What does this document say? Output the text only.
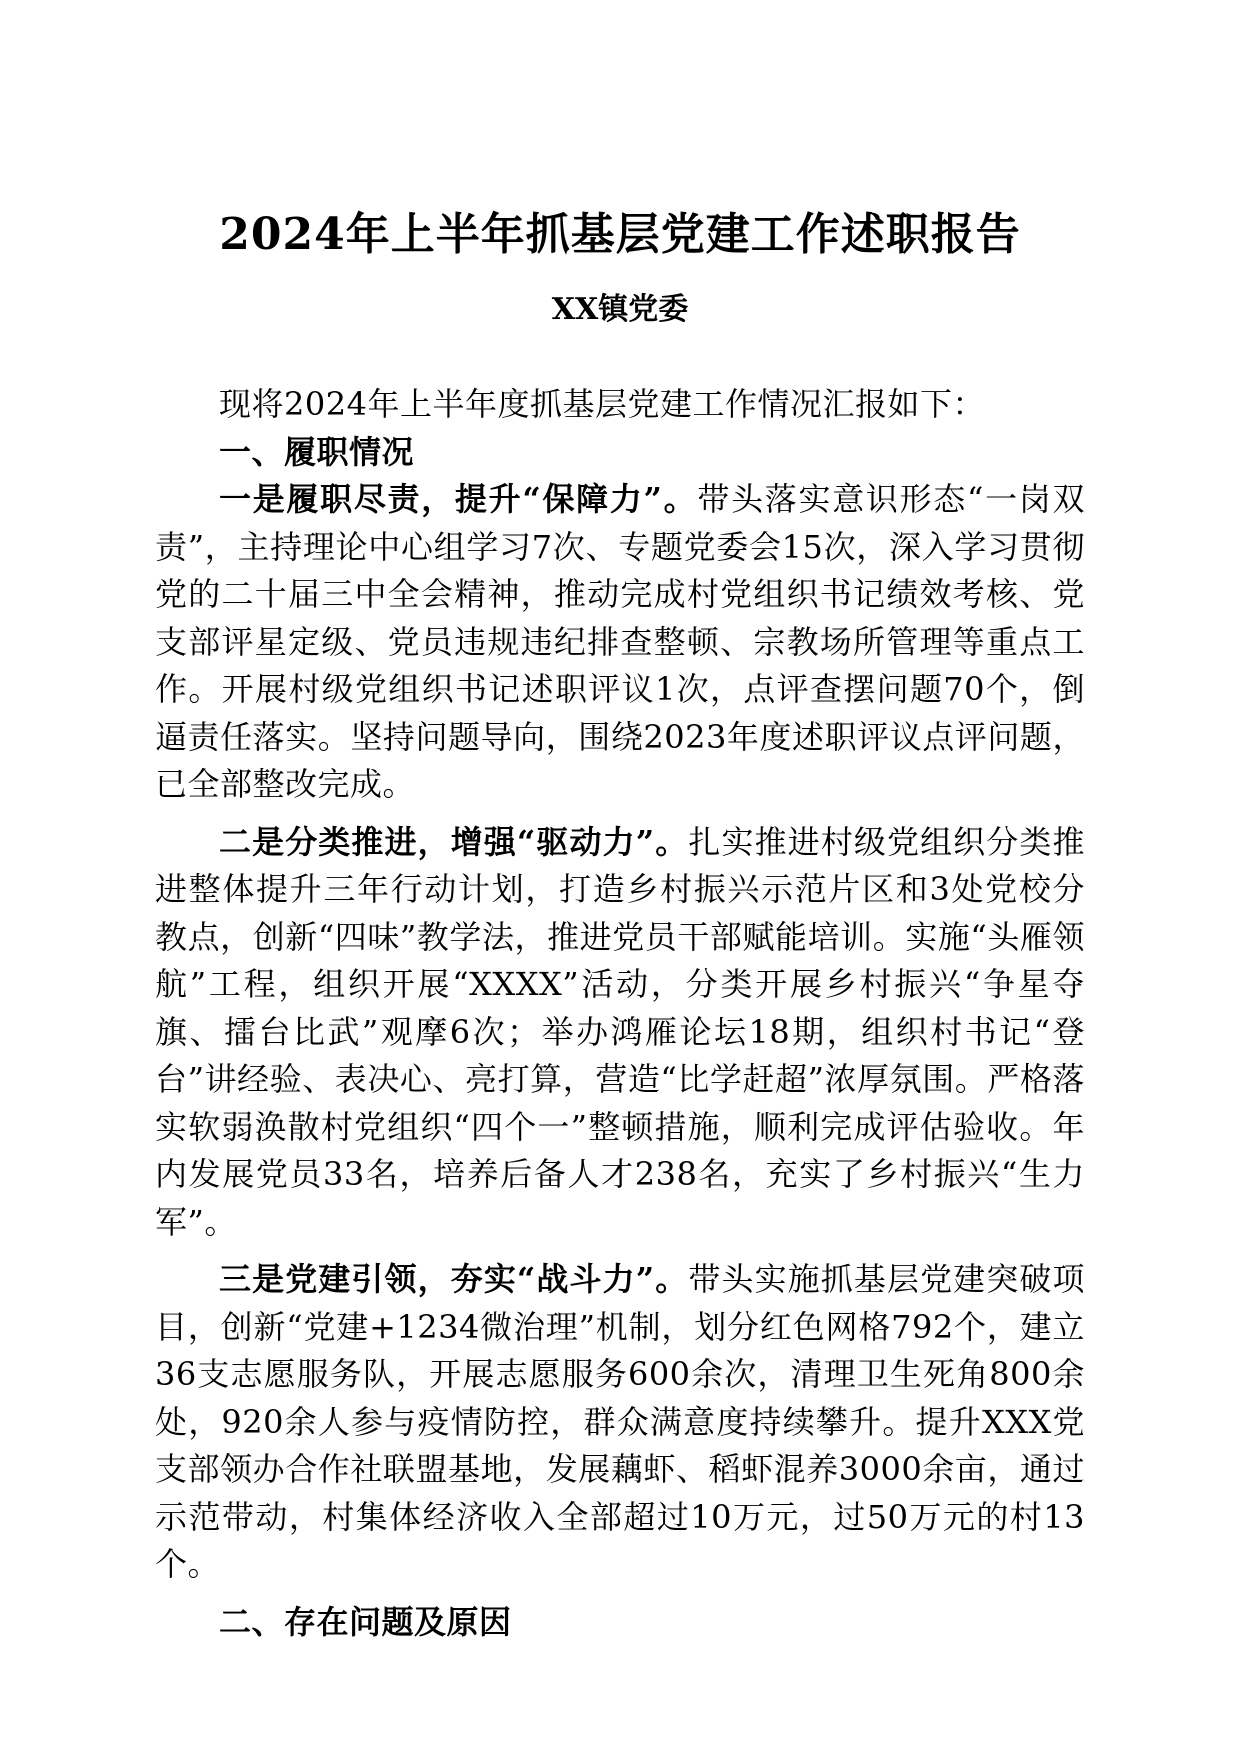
2024年上半年抓基层党建工作述职报告
XX镇党委

现将2024年上半年度抓基层党建工作情况汇报如下：

一、履职情况

一是履职尽责，提升“保障力”。带头落实意识形态“一岗双责”，主持理论中心组学习7次、专题党委会15次，深入学习贯彻党的二十届三中全会精神，推动完成村党组织书记绩效考核、党支部评星定级、党员违规违纪排查整顿、宗教场所管理等重点工作。开展村级党组织书记述职评议1次，点评查摆问题70个，倒逼责任落实。坚持问题导向，围绕2023年度述职评议点评问题，已全部整改完成。

二是分类推进，增强“驱动力”。扎实推进村级党组织分类推进整体提升三年行动计划，打造乡村振兴示范片区和3处党校分教点，创新“四味”教学法，推进党员干部赋能培训。实施“头雁领航”工程，组织开展“XXXX”活动，分类开展乡村振兴“争星夺旗、擂台比武”观摩6次；举办鸿雁论坛18期，组织村书记“登台”讲经验、表决心、亮打算，营造“比学赶超”浓厚氛围。严格落实软弱涣散村党组织“四个一”整顿措施，顺利完成评估验收。年内发展党员33名，培养后备人才238名，充实了乡村振兴“生力军”。

三是党建引领，夯实“战斗力”。带头实施抓基层党建突破项目，创新“党建+1234微治理”机制，划分红色网格792个，建立36支志愿服务队，开展志愿服务600余次，清理卫生死角800余处，920余人参与疫情防控，群众满意度持续攀升。提升XXX党支部领办合作社联盟基地，发展藕虾、稻虾混养3000余亩，通过示范带动，村集体经济收入全部超过10万元，过50万元的村13个。

二、存在问题及原因
